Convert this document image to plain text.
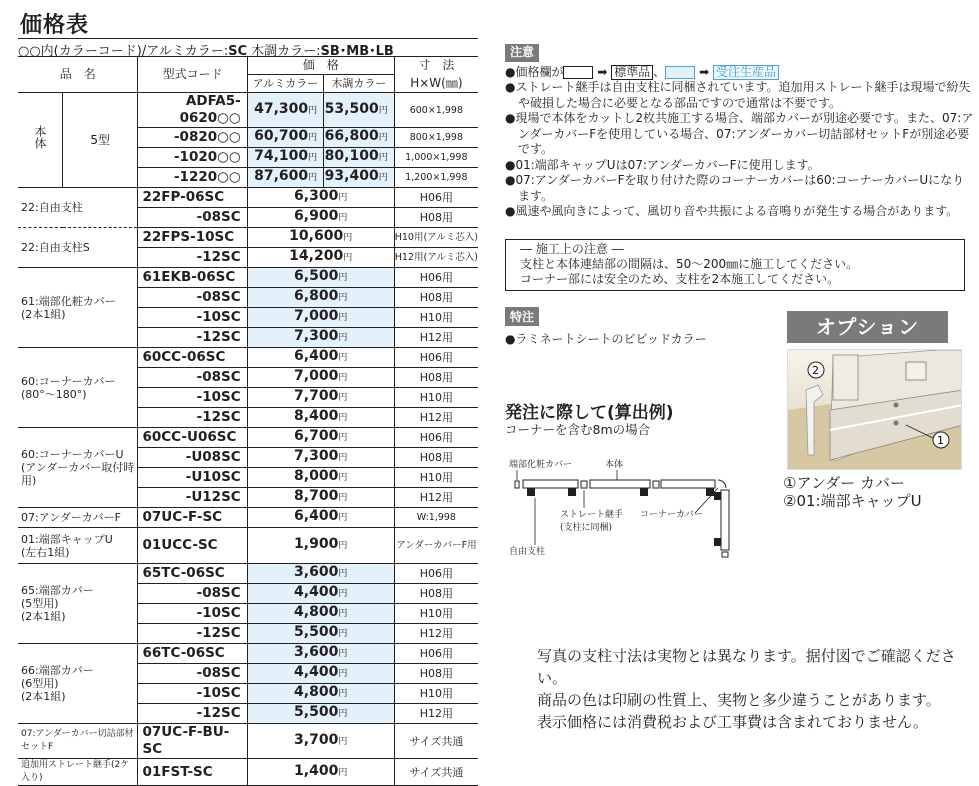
価格表
○○内(カラーコード)/アルミカラー:SC 木調カラー:SB･MB･LB
品　名		型式コード	価　格		寸　法
			アルミカラー	木調カラー	H×W(㎜)
本体	5型	ADFA5-0620○○	47,300円	53,500円	600×1,998
		-0820○○	60,700円	66,800円	800×1,998
		-1020○○	74,100円	80,100円	1,000×1,998
		-1220○○	87,600円	93,400円	1,200×1,998
22:自由支柱		22FP-06SC	6,300円		H06用
		-08SC	6,900円		H08用
22:自由支柱S		22FPS-10SC	10,600円		H10用(アルミ芯入)
		-12SC	14,200円		H12用(アルミ芯入)
61:端部化粧カバー
(2本1組)		61EKB-06SC	6,500円		H06用
		-08SC	6,800円		H08用
		-10SC	7,000円		H10用
		-12SC	7,300円		H12用
60:コーナーカバー
(80°〜180°)		60CC-06SC	6,400円		H06用
		-08SC	7,000円		H08用
		-10SC	7,700円		H10用
		-12SC	8,400円		H12用
60:コーナーカバーU
(アンダーカバー取付時用)		60CC-U06SC	6,700円		H06用
		-U08SC	7,300円		H08用
		-U10SC	8,000円		H10用
		-U12SC	8,700円		H12用
07:アンダーカバーF		07UC-F-SC	6,400円		W:1,998
01:端部キャップU
(左右1組)		01UCC-SC	1,900円		アンダーカバーF用
65:端部カバー
(5型用)
(2本1組)		65TC-06SC	3,600円		H06用
		-08SC	4,400円		H08用
		-10SC	4,800円		H10用
		-12SC	5,500円		H12用
66:端部カバー
(6型用)
(2本1組)		66TC-06SC	3,600円		H06用
		-08SC	4,400円		H08用
		-10SC	4,800円		H10用
		-12SC	5,500円		H12用
07:アンダーカバー切詰部材セットF		07UC-F-BU-SC	3,700円		サイズ共通
追加用ストレート継手(2ケ入り)		01FST-SC	1,400円		サイズ共通
注意
●価格欄が	➡ 標準品 、	➡ 受注生産品
●ストレート継手は自由支柱に同梱されています。追加用ストレート継手は現場で紛失や破損した場合に必要となる部品ですので通常は不要です。
●現場で本体をカットし2枚共施工する場合、端部カバーが別途必要です。また、07:アンダーカバーFを使用している場合、07:アンダーカバー切詰部材セットFが別途必要です。
●01:端部キャップUは07:アンダーカバーFに使用します。
●07:アンダーカバーFを取り付けた際のコーナーカバーは60:コーナーカバーUになります。
●風速や風向きによって、風切り音や共振による音鳴りが発生する場合があります。
― 施工上の注意 ―
支柱と本体連結部の間隔は、50〜200㎜に施工してください。
コーナー部には安全のため、支柱を2本施工してください。
特注
●ラミネートシートのビビッドカラー	オプション
2
1
①アンダー カバー
②01:端部キャップU
発注に際して(算出例)
コーナーを含む8mの場合
端部化粧カバー	本体
自由支柱
ストレート継手
(支柱に同梱)
コーナーカバー
写真の支柱寸法は実物とは異なります。据付図でご確認ください。
商品の色は印刷の性質上、実物と多少違うことがあります。
表示価格には消費税および工事費は含まれておりません。
